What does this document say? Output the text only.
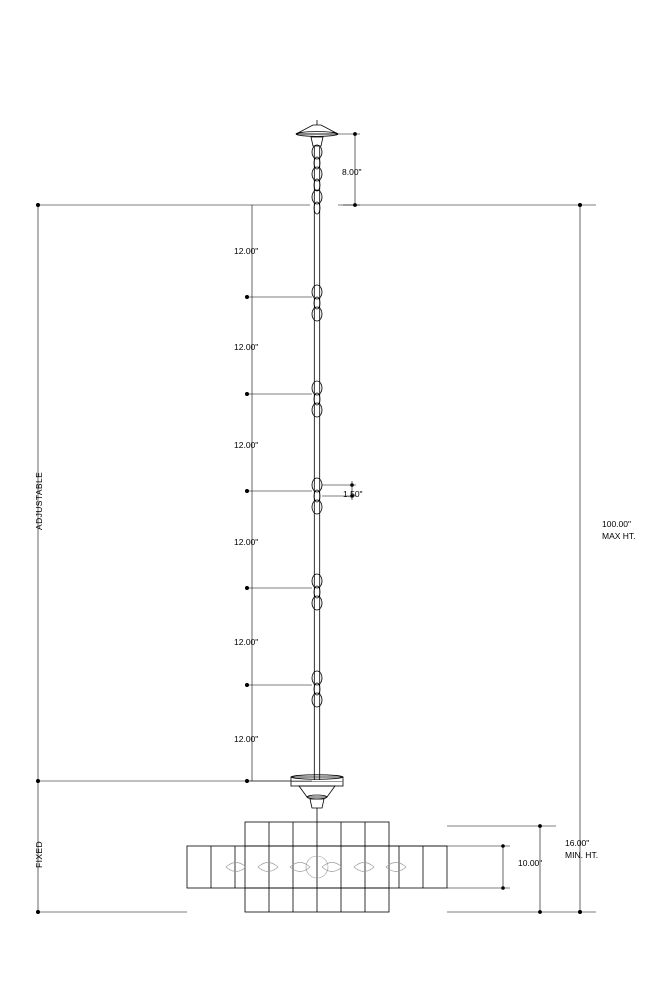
8.00"
12.00"
12.00"
12.00"
12.00"
12.00"
12.00"
1.50"
100.00"
MAX HT.
16.00"
MIN. HT.
10.00"
ADJUSTABLE
FIXED
